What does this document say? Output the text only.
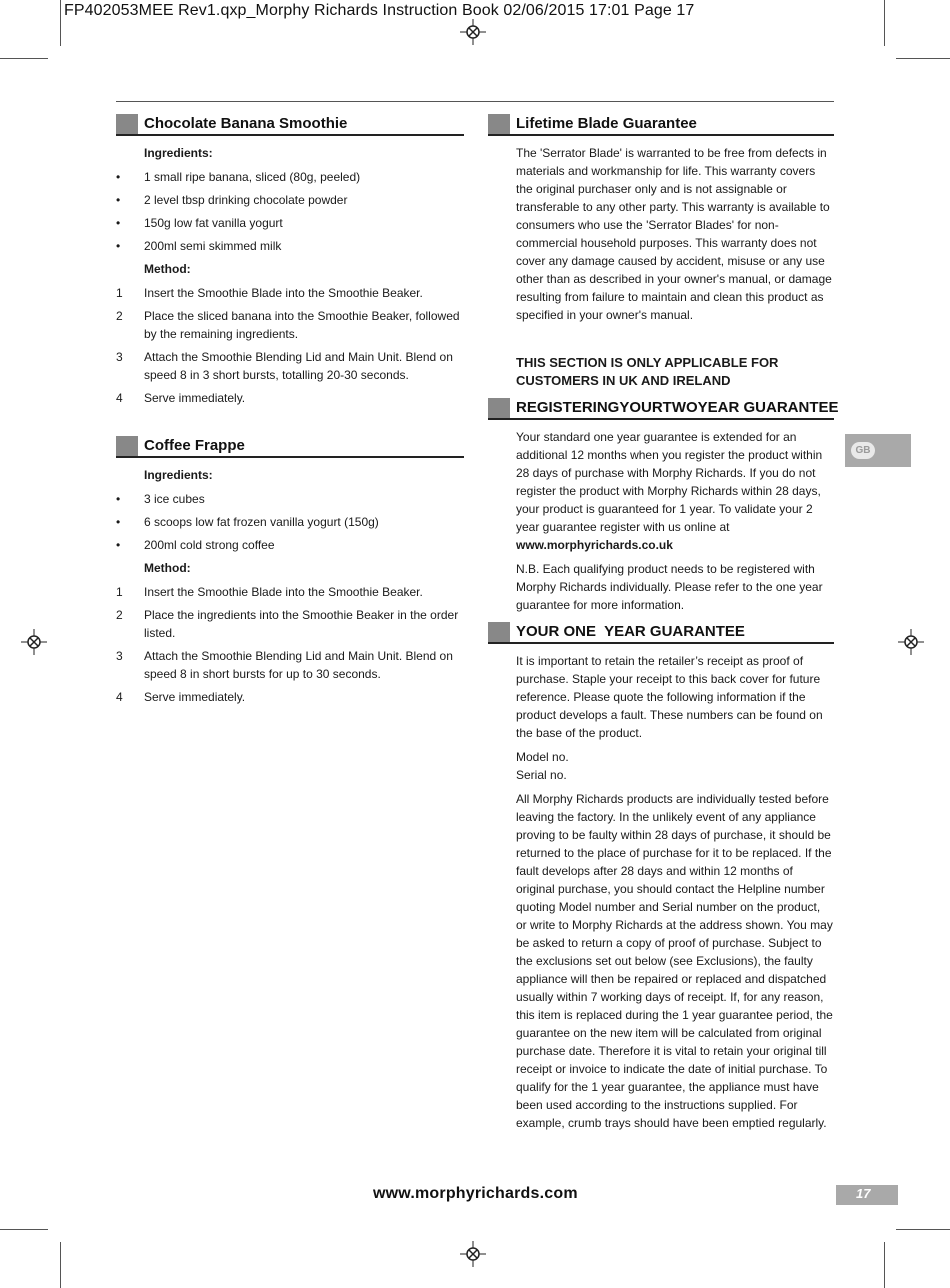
FP402053MEE Rev1.qxp_Morphy Richards Instruction Book 02/06/2015 17:01 Page 17
Chocolate Banana Smoothie
Ingredients:
• 1 small ripe banana, sliced (80g, peeled)
• 2 level tbsp drinking chocolate powder
• 150g low fat vanilla yogurt
• 200ml semi skimmed milk
Method:
1 Insert the Smoothie Blade into the Smoothie Beaker.
2 Place the sliced banana into the Smoothie Beaker, followed by the remaining ingredients.
3 Attach the Smoothie Blending Lid and Main Unit. Blend on speed 8 in 3 short bursts, totalling 20-30 seconds.
4 Serve immediately.
Coffee Frappe
Ingredients:
• 3 ice cubes
• 6 scoops low fat frozen vanilla yogurt (150g)
• 200ml cold strong coffee
Method:
1 Insert the Smoothie Blade into the Smoothie Beaker.
2 Place the ingredients into the Smoothie Beaker in the order listed.
3 Attach the Smoothie Blending Lid and Main Unit. Blend on speed 8 in short bursts for up to 30 seconds.
4 Serve immediately.
Lifetime Blade Guarantee

The 'Serrator Blade' is warranted to be free from defects in materials and workmanship for life. This warranty covers the original purchaser only and is not assignable or transferable to any other party. This warranty is available to consumers who use the 'Serrator Blades' for non-commercial household purposes. This warranty does not cover any damage caused by accident, misuse or any use other than as described in your owner's manual, or damage resulting from failure to maintain and clean this product as specified in your owner's manual.

THIS SECTION IS ONLY APPLICABLE FOR CUSTOMERS IN UK AND IRELAND
REGISTERINGYOURTWOYEAR GUARANTEE

Your standard one year guarantee is extended for an additional 12 months when you register the product within 28 days of purchase with Morphy Richards. If you do not register the product with Morphy Richards within 28 days, your product is guaranteed for 1 year. To validate your 2 year guarantee register with us online at www.morphyrichards.co.uk

N.B. Each qualifying product needs to be registered with Morphy Richards individually. Please refer to the one year guarantee for more information.

YOUR ONE  YEAR GUARANTEE

It is important to retain the retailer’s receipt as proof of purchase. Staple your receipt to this back cover for future reference. Please quote the following information if the product develops a fault. These numbers can be found on the base of the product.

Model no.
Serial no.

All Morphy Richards products are individually tested before leaving the factory. In the unlikely event of any appliance proving to be faulty within 28 days of purchase, it should be returned to the place of purchase for it to be replaced. If the fault develops after 28 days and within 12 months of original purchase, you should contact the Helpline number quoting Model number and Serial number on the product, or write to Morphy Richards at the address shown. You may be asked to return a copy of proof of purchase. Subject to the exclusions set out below (see Exclusions), the faulty appliance will then be repaired or replaced and dispatched usually within 7 working days of receipt. If, for any reason, this item is replaced during the 1 year guarantee period, the guarantee on the new item will be calculated from original purchase date. Therefore it is vital to retain your original till receipt or invoice to indicate the date of initial purchase. To qualify for the 1 year guarantee, the appliance must have been used according to the instructions supplied. For example, crumb trays should have been emptied regularly.

GB
www.morphyrichards.com	17
